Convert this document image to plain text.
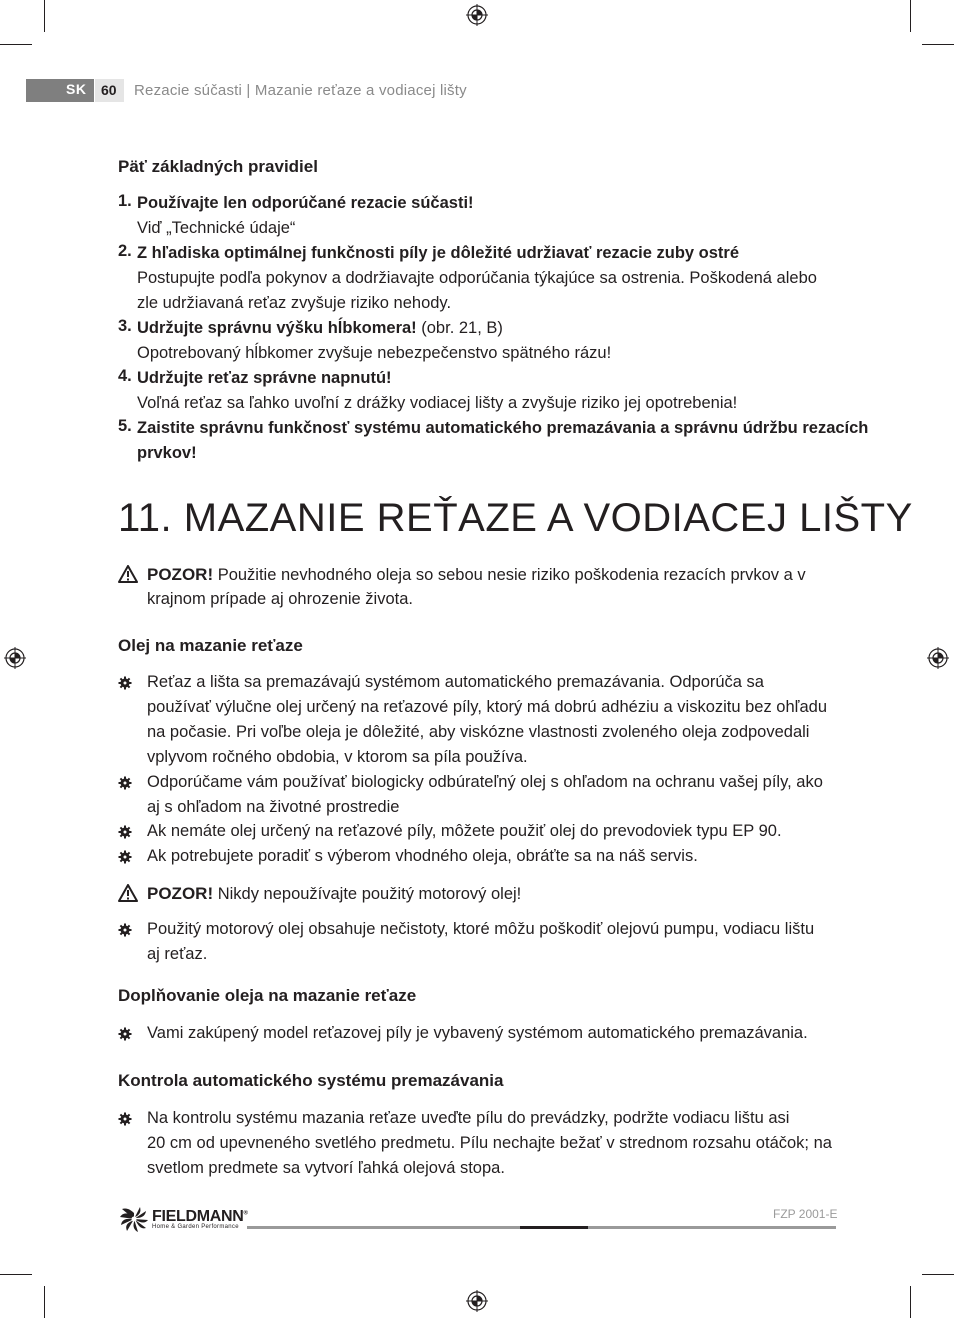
SK 60 Rezacie súčasti | Mazanie reťaze a vodiacej lišty
Päť základných pravidiel
1. Používajte len odporúčané rezacie súčasti!
Viď „Technické údaje“
2. Z hľadiska optimálnej funkčnosti píly je dôležité udržiavať rezacie zuby ostré
Postupujte podľa pokynov a dodržiavajte odporúčania týkajúce sa ostrenia. Poškodená alebo
zle udržiavaná reťaz zvyšuje riziko nehody.
3. Udržujte správnu výšku hĺbkomera! (obr. 21, B)
Opotrebovaný hĺbkomer zvyšuje nebezpečenstvo spätného rázu!
4. Udržujte reťaz správne napnutú!
Voľná reťaz sa ľahko uvoľní z drážky vodiacej lišty a zvyšuje riziko jej opotrebenia!
5. Zaistite správnu funkčnosť systému automatického premazávania a správnu údržbu rezacích
prvkov!
11. MAZANIE REŤAZE A VODIACEJ LIŠTY
POZOR! Použitie nevhodného oleja so sebou nesie riziko poškodenia rezacích prvkov a v
krajnom prípade aj ohrozenie života.
Olej na mazanie reťaze
Reťaz a lišta sa premazávajú systémom automatického premazávania. Odporúča sa
používať výlučne olej určený na reťazové píly, ktorý má dobrú adhéziu a viskozitu bez ohľadu
na počasie. Pri voľbe oleja je dôležité, aby viskózne vlastnosti zvoleného oleja zodpovedali
vplyvom ročného obdobia, v ktorom sa píla používa.
Odporúčame vám používať biologicky odbúrateľný olej s ohľadom na ochranu vašej píly, ako
aj s ohľadom na životné prostredie
Ak nemáte olej určený na reťazové píly, môžete použiť olej do prevodoviek typu EP 90.
Ak potrebujete poradiť s výberom vhodného oleja, obráťte sa na náš servis.
POZOR! Nikdy nepoužívajte použitý motorový olej!
Použitý motorový olej obsahuje nečistoty, ktoré môžu poškodiť olejovú pumpu, vodiacu lištu
aj reťaz.
Doplňovanie oleja na mazanie reťaze
Vami zakúpený model reťazovej píly je vybavený systémom automatického premazávania.
Kontrola automatického systému premazávania
Na kontrolu systému mazania reťaze uveďte pílu do prevádzky, podržte vodiacu lištu asi
20 cm od upevneného svetlého predmetu. Pílu nechajte bežať v strednom rozsahu otáčok; na
svetlom predmete sa vytvorí ľahká olejová stopa.
FIELDMANN®
Home & Garden Performance
FZP 2001-E
